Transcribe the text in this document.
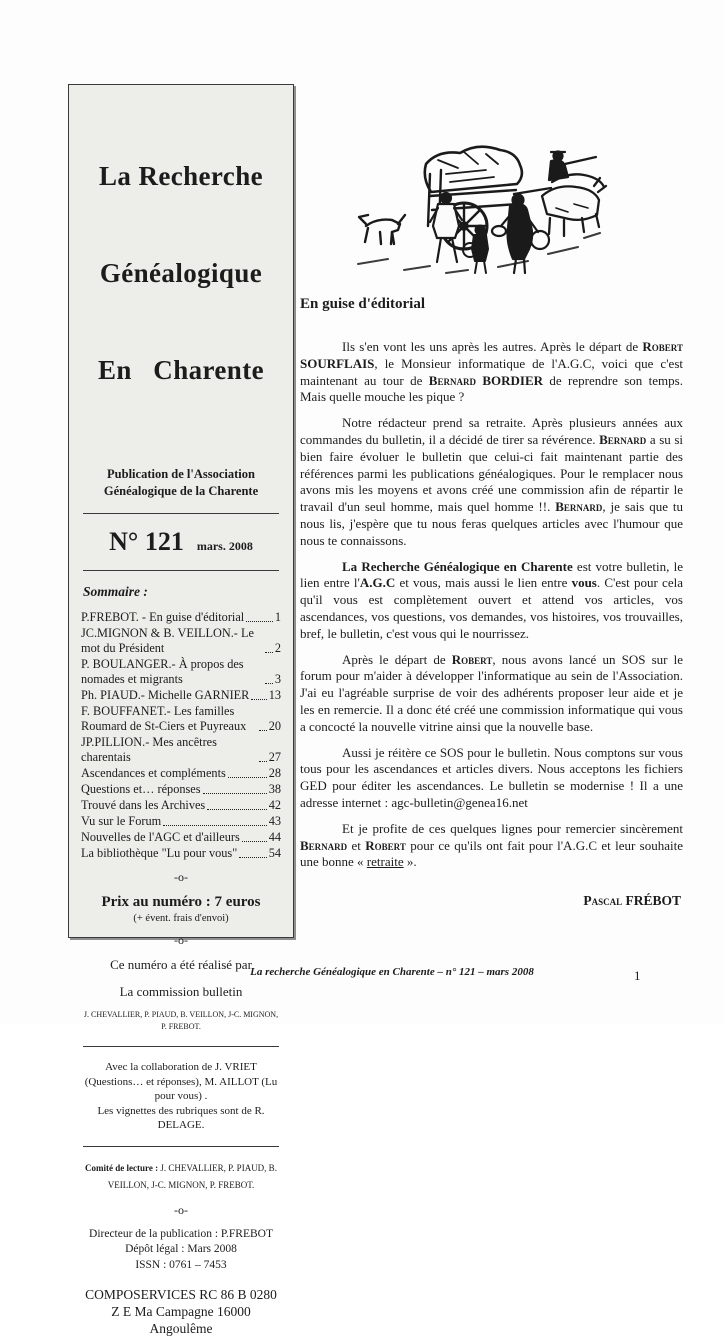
La Recherche

Généalogique

En   Charente

Publication de l'Association Généalogique de la Charente
N° 121 mars. 2008
Sommaire :
P.FREBOT. - En guise d'éditorial 1
JC.MIGNON & B. VEILLON.- Le mot du Président	2
P. BOULANGER.- À propos des nomades et migrants	3
Ph. PIAUD.- Michelle GARNIER 13
F. BOUFFANET.- Les familles Roumard de St-Ciers et Puyreaux	20
JP.PILLION.- Mes ancêtres charentais	27
Ascendances et compléments	28
Questions et… réponses	38
Trouvé dans les Archives	42
Vu sur le Forum	43
Nouvelles de l'AGC et d'ailleurs 44
La bibliothèque "Lu pour vous"	54
-o-
Prix au numéro : 7 euros
(+ évent. frais d'envoi)
-o-
Ce numéro a été réalisé par
La commission bulletin
J. CHEVALLIER, P. PIAUD, B. VEILLON, J-C. MIGNON, P. FREBOT.
Avec la collaboration de J. VRIET (Questions… et réponses), M. AILLOT (Lu pour vous) .
Les vignettes des rubriques sont de R. DELAGE.
Comité de lecture : J. CHEVALLIER, P. PIAUD, B. VEILLON, J-C. MIGNON, P. FREBOT.
-o-
Directeur de la publication : P.FREBOT
Dépôt légal : Mars 2008
ISSN : 0761 – 7453
COMPOSERVICES RC 86 B 0280
Z E Ma Campagne 16000 Angoulême
En guise d'éditorial

Ils s'en vont les uns après les autres. Après le départ de Robert SOURFLAIS, le Monsieur informatique de l'A.G.C, voici que c'est maintenant au tour de Bernard BORDIER de reprendre son temps. Mais quelle mouche les pique ?

Notre rédacteur prend sa retraite. Après plusieurs années aux commandes du bulletin, il a décidé de tirer sa révérence. Bernard a su si bien faire évoluer le bulletin que celui-ci fait maintenant partie des références parmi les publications généalogiques. Pour le remplacer nous avons mis les moyens et avons créé une commission afin de répartir le travail d'un seul homme, mais quel homme !!. Bernard, je sais que tu nous lis, j'espère que tu nous feras quelques articles avec l'humour que nous te connaissons.

La Recherche Généalogique en Charente est votre bulletin, le lien entre l'A.G.C et vous, mais aussi le lien entre vous. C'est pour cela qu'il vous est complètement ouvert et attend vos articles, vos ascendances, vos questions, vos demandes, vos histoires, vos trouvailles, bref, le bulletin, c'est vous qui le nourrissez.

Après le départ de Robert, nous avons lancé un SOS sur le forum pour m'aider à développer l'informatique au sein de l'Association. J'ai eu l'agréable surprise de voir des adhérents proposer leur aide et je les en remercie. Il a donc été créé une commission informatique qui vous a concocté la nouvelle vitrine ainsi que la nouvelle base.

Aussi je réitère ce SOS pour le bulletin. Nous comptons sur vous tous pour les ascendances et articles divers. Nous acceptons les fichiers GED pour éditer les ascendances. Le bulletin se modernise ! Il a une adresse internet : agc-bulletin@genea16.net

Et je profite de ces quelques lignes pour remercier sincèrement Bernard et Robert pour ce qu'ils ont fait pour l'A.G.C et leur souhaite une bonne « retraite ».

Pascal FRÉBOT
La recherche Généalogique en Charente – n° 121 – mars 2008	1
